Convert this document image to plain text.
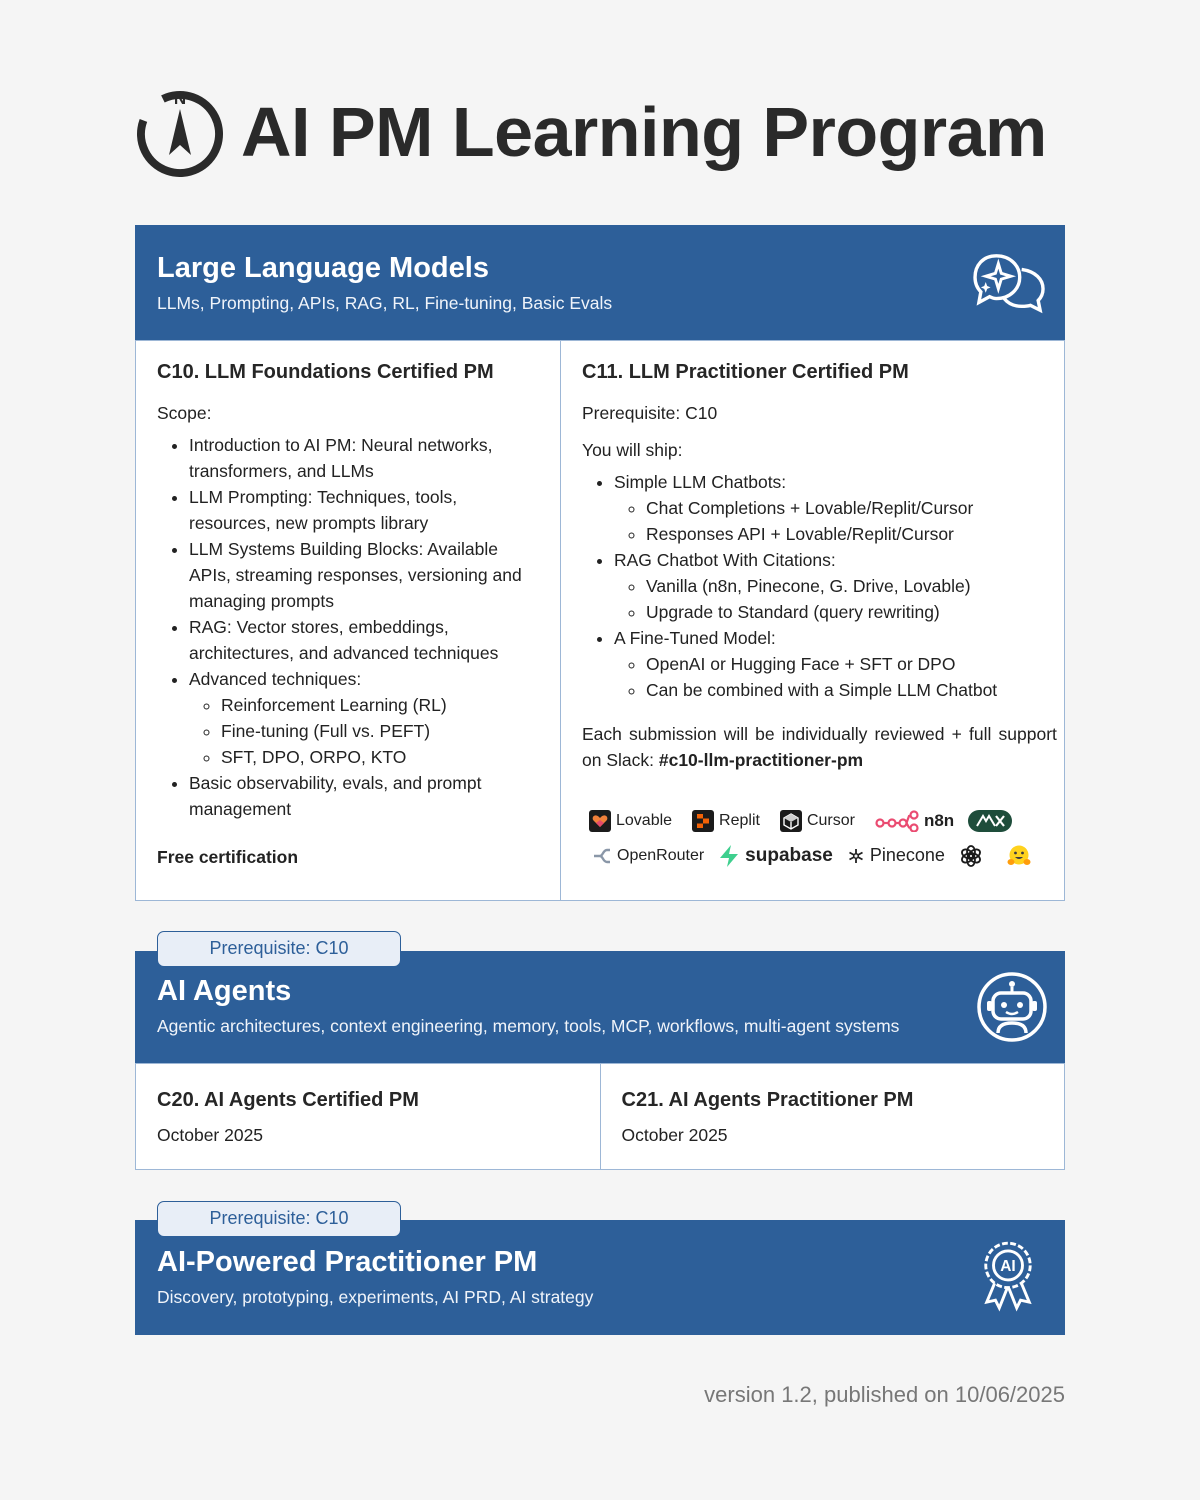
N AI PM Learning Program
Large Language Models
LLMs, Prompting, APIs, RAG, RL, Fine-tuning, Basic Evals
C10. LLM Foundations Certified PM

Scope:

• Introduction to AI PM: Neural networks, transformers, and LLMs
• LLM Prompting: Techniques, tools, resources, new prompts library
• LLM Systems Building Blocks: Available APIs, streaming responses, versioning and managing prompts
• RAG: Vector stores, embeddings, architectures, and advanced techniques
• Advanced techniques:
◦ Reinforcement Learning (RL)
◦ Fine-tuning (Full vs. PEFT)
◦ SFT, DPO, ORPO, KTO
• Basic observability, evals, and prompt management
Free certification
C11. LLM Practitioner Certified PM

Prerequisite: C10

You will ship:

• Simple LLM Chatbots:
◦ Chat Completions + Lovable/Replit/Cursor
◦ Responses API + Lovable/Replit/Cursor
• RAG Chatbot With Citations:
◦ Vanilla (n8n, Pinecone, G. Drive, Lovable)
◦ Upgrade to Standard (query rewriting)
• A Fine-Tuned Model:
◦ OpenAI or Hugging Face + SFT or DPO
◦ Can be combined with a Simple LLM Chatbot

Each submission will be individually reviewed + full support on Slack: #c10-llm-practitioner-pm

Lovable	Replit	Cursor	n8n
OpenRouter supabase Pinecone
Prerequisite: C10
AI Agents
Agentic architectures, context engineering, memory, tools, MCP, workflows, multi-agent systems
C20. AI Agents Certified PM

October 2025

C21. AI Agents Practitioner PM

October 2025

Prerequisite: C10
AI-Powered Practitioner PM
Discovery, prototyping, experiments, AI PRD, AI strategy
AI
version 1.2, published on 10/06/2025
